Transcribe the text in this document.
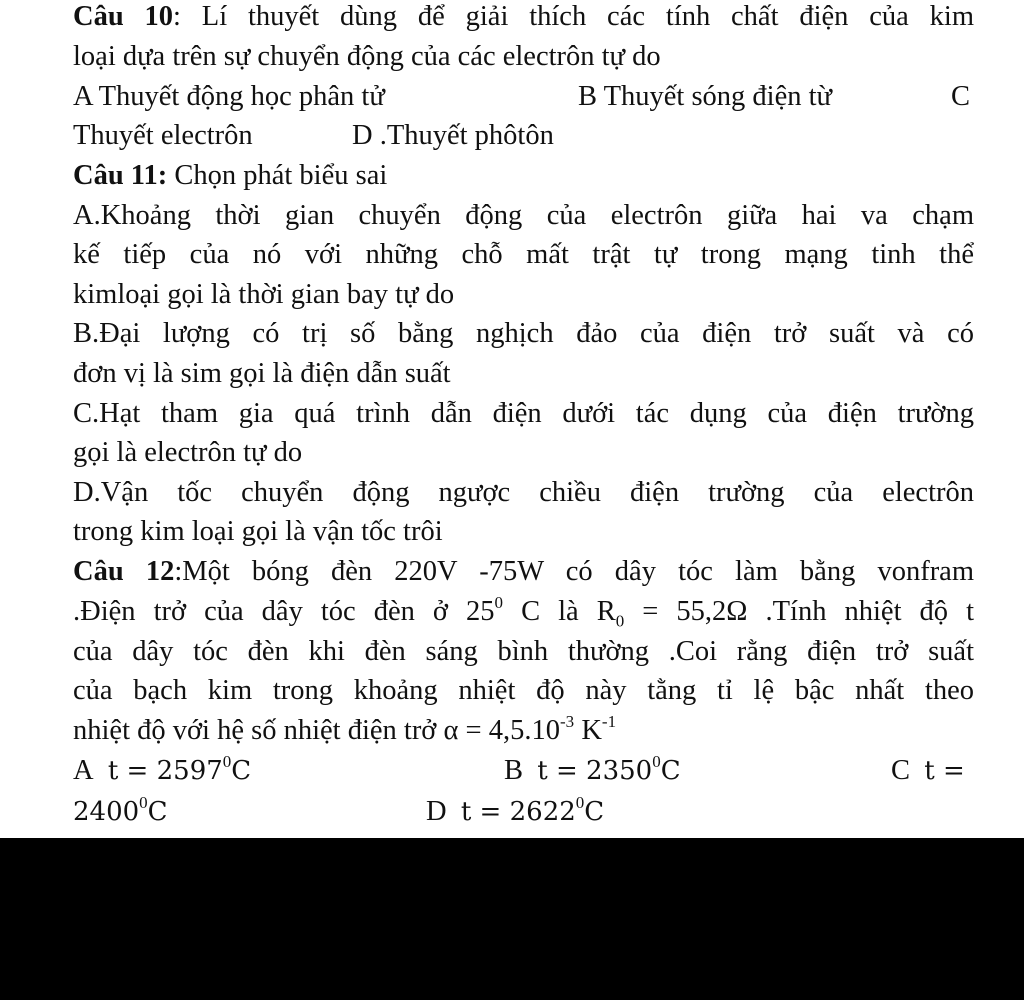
Câu 10: Lí thuyết dùng để giải thích các tính chất điện của kim
loại dựa trên sự chuyển động của các electrôn tự do
A Thuyết động học phân tử	B Thuyết sóng điện từ	C
Thuyết electrôn	D .Thuyết phôtôn
Câu 11: Chọn phát biểu sai
A.Khoảng thời gian chuyển động của electrôn giữa hai va chạm
kế tiếp của nó với những chỗ mất trật tự trong mạng tinh thể
kimloại gọi là thời gian bay tự do
B.Đại lượng có trị số bằng nghịch đảo của điện trở suất và có
đơn vị là sim gọi là điện dẫn suất
C.Hạt tham gia quá trình dẫn điện dưới tác dụng của điện trường
gọi là electrôn tự do
D.Vận tốc chuyển động ngược chiều điện trường của electrôn
trong kim loại gọi là vận tốc trôi
Câu 12:Một bóng đèn 220V -75W có dây tóc làm bằng vonfram
.Điện trở của dây tóc đèn ở $25^0$ C là $R_0 = 55,2\Omega$ .Tính nhiệt độ t
của dây tóc đèn khi đèn sáng bình thường .Coi rằng điện trở suất
của bạch kim trong khoảng nhiệt độ này tằng tỉ lệ bậc nhất theo
nhiệt độ với hệ số nhiệt điện trở $\alpha = 4,5.10^{-3}$ $K^{-1}$
A $t = 2597^0C$	B $t = 2350^0C$	C t =
$2400^0C$	D $t = 2622^0C$
